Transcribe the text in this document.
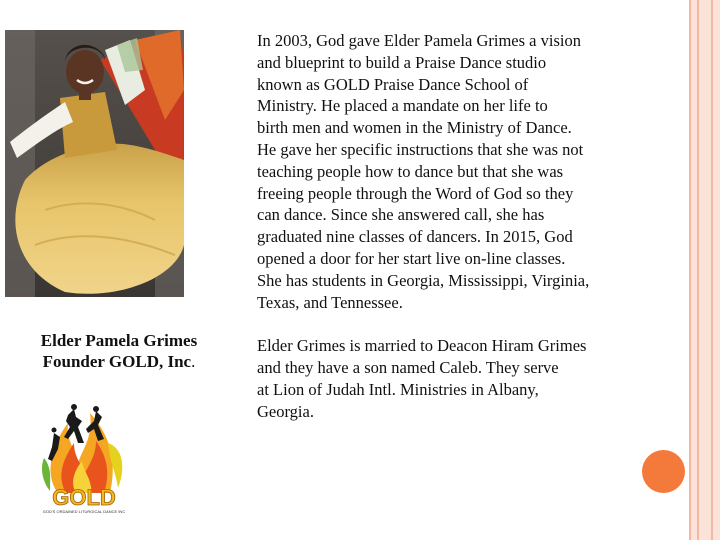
Elder Pamela Grimes
Founder GOLD, Inc.
GOLD
GOD'S ORDAINED LITURGICAL DANCE INC

In 2003, God gave Elder Pamela Grimes a vision
and blueprint to build a Praise Dance studio
known as GOLD Praise Dance School of
Ministry. He placed a mandate on her life to
birth men and women in the Ministry of Dance.
He gave her specific instructions that she was not
teaching people how to dance but that she was
freeing people through the Word of God so they
can dance. Since she answered call, she has
graduated nine classes of dancers. In 2015, God
opened a door for her start live on-line classes.
She has students in Georgia, Mississippi, Virginia,
Texas, and Tennessee.

Elder Grimes is married to Deacon Hiram Grimes
and they have a son named Caleb. They serve
at Lion of Judah Intl. Ministries in Albany,
Georgia.
